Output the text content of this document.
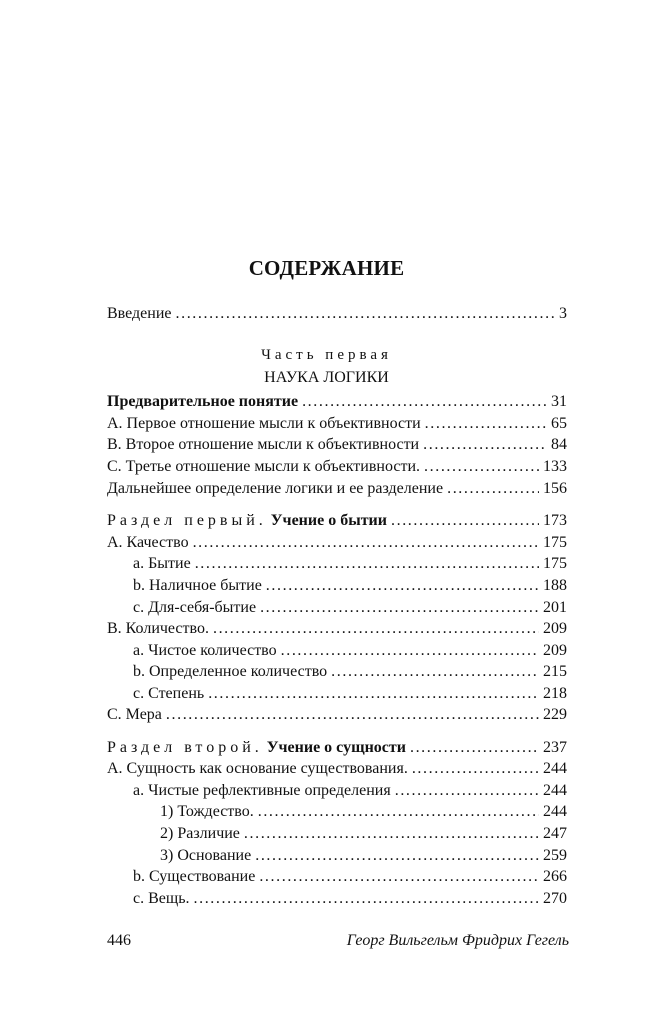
СОДЕРЖАНИЕ
Введение . . .	3
Часть первая
НАУКА ЛОГИКИ
Предварительное понятие . . .	31
A. Первое отношение мысли к объективности . . .	65
B. Второе отношение мысли к объективности . . .	84
C. Третье отношение мысли к объективности. . . .	133
Дальнейшее определение логики и ее разделение . . .	156
Раздел первый. Учение о бытии . . .	173
A. Качество . . .	175
a. Бытие . . .	175
b. Наличное бытие . . .	188
c. Для-себя-бытие . . .	201
B. Количество. . . .	209
a. Чистое количество . . .	209
b. Определенное количество . . .	215
c. Степень . . .	218
C. Мера . . .	229
Раздел второй. Учение о сущности . . .	237
A. Сущность как основание существования. . . .	244
a. Чистые рефлективные определения . . .	244
1) Тождество. . . .	244
2) Различие . . .	247
3) Основание . . .	259
b. Существование . . .	266
c. Вещь. . . .	270
446	Георг Вильгельм Фридрих Гегель
